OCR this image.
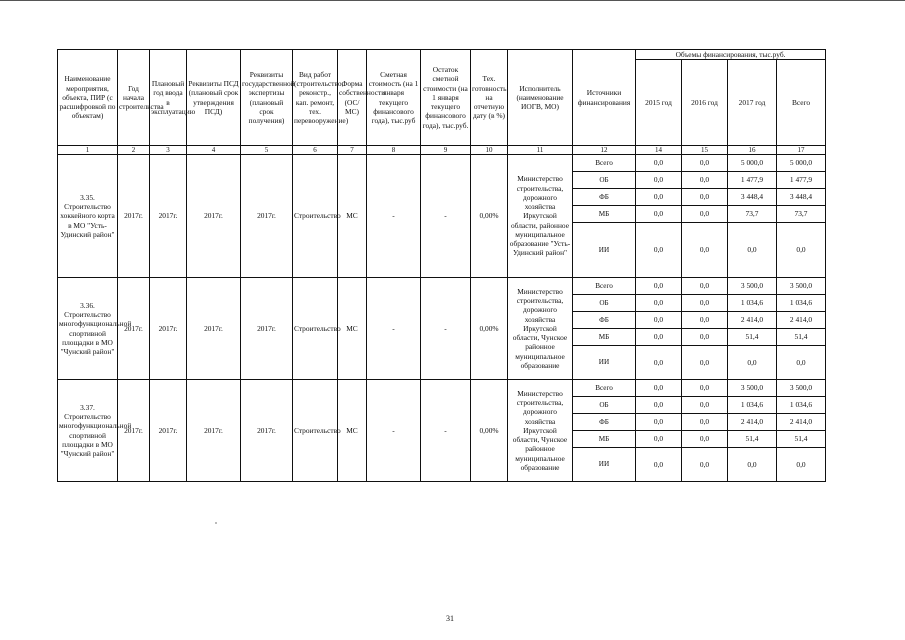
Наименование мероприятия, объекта, ПИР (с расшифровкой по объектам)	Год начала строительства	Плановый год ввода в эксплуатацию	Реквизиты ПСД (плановый срок утверждения ПСД)	Реквизиты государственной экспертизы (плановый срок получения)	Вид работ (строительство, реконстр., кап. ремонт, тех. перевооружение)	Форма собственности (ОС/МС)	Сметная стоимость (на 1 января текущего финансового года), тыс.руб	Остаток сметной стоимости (на 1 января текущего финансового года), тыс.руб.	Тех. готовность на отчетную дату (в %)	Исполнитель (наименование ИОГВ, МО)	Источники финансирования	Объемы финансирования, тыс.руб.			
												2015 год	2016 год	2017 год	Всего
1	2	3	4	5	6	7	8	9	10	11	12	14	15	16	17
3.35. Строительство хоккейного корта в МО "Усть-Удинский район"	2017г.	2017г.	2017г.	2017г.	Строительство	МС	-	-	0,00%	Министерство строительства, дорожного хозяйства Иркутской области, районное муниципальное образование "Усть-Удинский район"	Всего	0,0	0,0	5 000,0	5 000,0
											ОБ	0,0	0,0	1 477,9	1 477,9
											ФБ	0,0	0,0	3 448,4	3 448,4
											МБ	0,0	0,0	73,7	73,7
											ИИ	0,0	0,0	0,0	0,0
3.36. Строительство многофункциональной спортивной площадки в МО "Чунский район"	2017г.	2017г.	2017г.	2017г.	Строительство	МС	-	-	0,00%	Министерство строительства, дорожного хозяйства Иркутской области, Чунское районное муниципальное образование	Всего	0,0	0,0	3 500,0	3 500,0
											ОБ	0,0	0,0	1 034,6	1 034,6
											ФБ	0,0	0,0	2 414,0	2 414,0
											МБ	0,0	0,0	51,4	51,4
											ИИ	0,0	0,0	0,0	0,0
3.37. Строительство многофункциональной спортивной площадки в МО "Чунский район"	2017г.	2017г.	2017г.	2017г.	Строительство	МС	-	-	0,00%	Министерство строительства, дорожного хозяйства Иркутской области, Чунское районное муниципальное образование	Всего	0,0	0,0	3 500,0	3 500,0
											ОБ	0,0	0,0	1 034,6	1 034,6
											ФБ	0,0	0,0	2 414,0	2 414,0
											МБ	0,0	0,0	51,4	51,4
											ИИ	0,0	0,0	0,0	0,0
31
